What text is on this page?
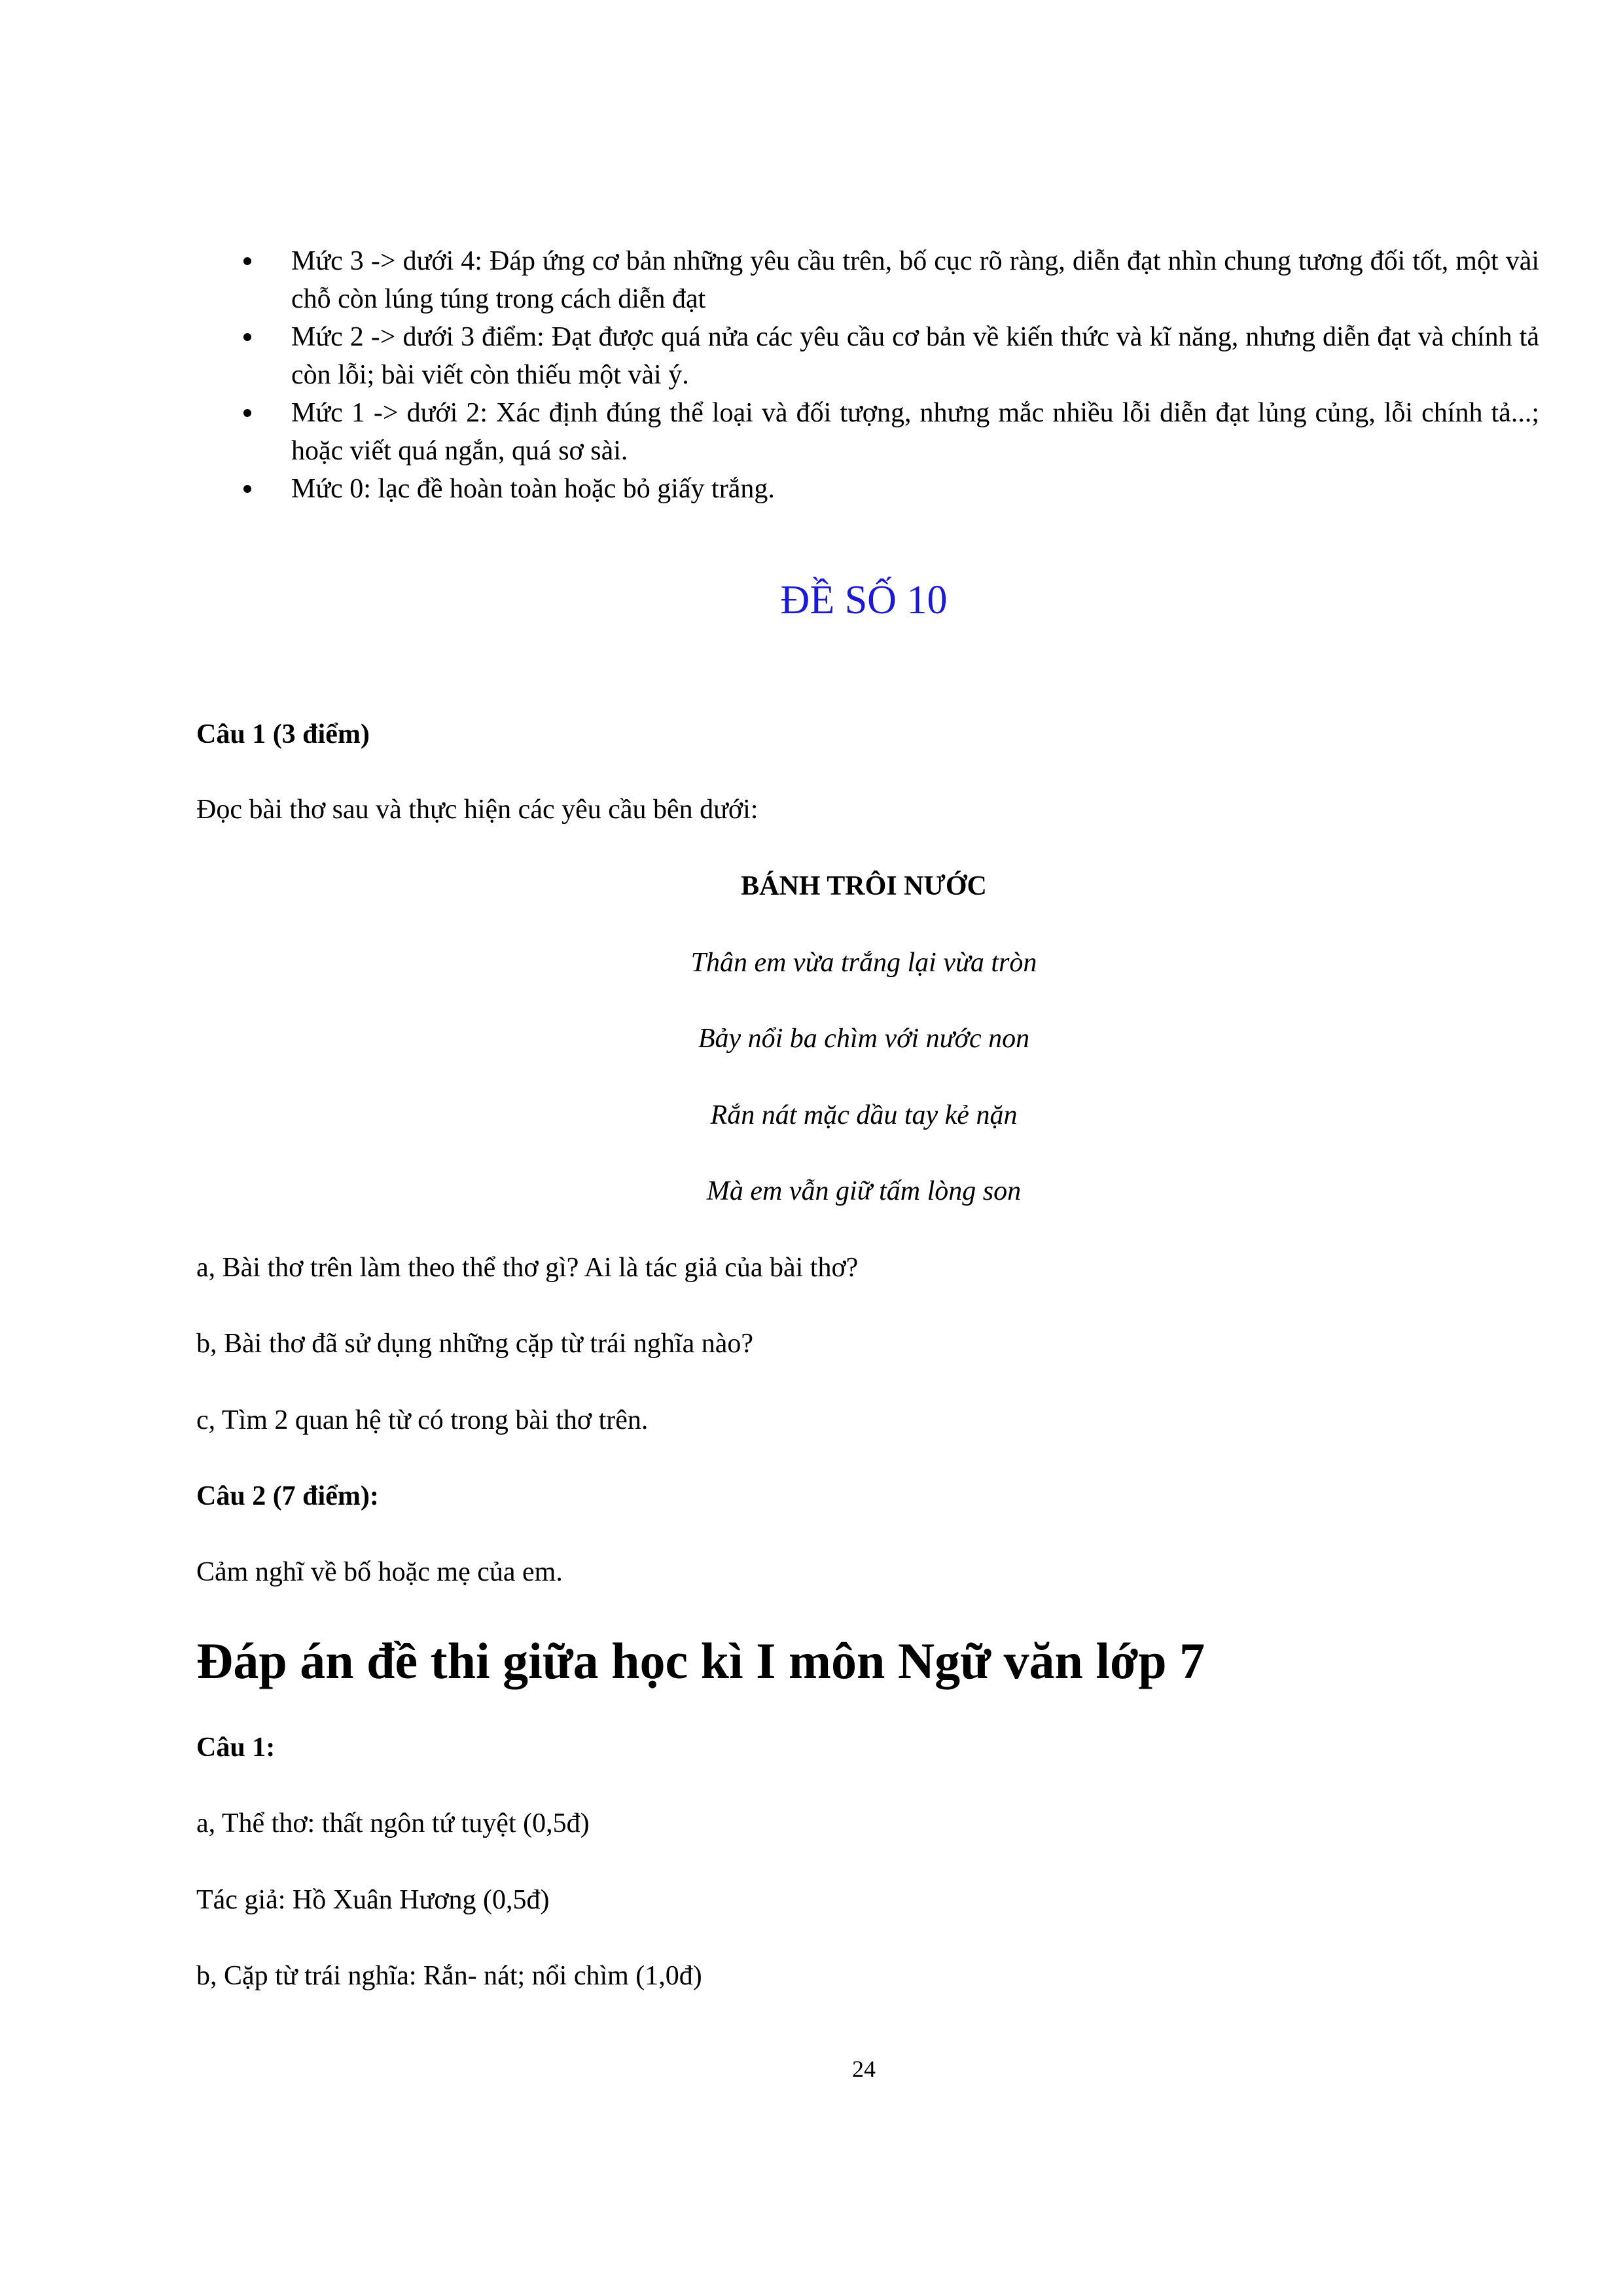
Mức 3 -> dưới 4: Đáp ứng cơ bản những yêu cầu trên, bố cục rõ ràng, diễn đạt nhìn chung tương đối tốt, một vài chỗ còn lúng túng trong cách diễn đạt
Mức 2 -> dưới 3 điểm: Đạt được quá nửa các yêu cầu cơ bản về kiến thức và kĩ năng, nhưng diễn đạt và chính tả còn lỗi; bài viết còn thiếu một vài ý.
Mức 1 -> dưới 2: Xác định đúng thể loại và đối tượng, nhưng mắc nhiều lỗi diễn đạt lủng củng, lỗi chính tả...; hoặc viết quá ngắn, quá sơ sài.
Mức 0: lạc đề hoàn toàn hoặc bỏ giấy trắng.
ĐỀ SỐ 10
Câu 1 (3 điểm)
Đọc bài thơ sau và thực hiện các yêu cầu bên dưới:
BÁNH TRÔI NƯỚC
Thân em vừa trắng lại vừa tròn
Bảy nổi ba chìm với nước non
Rắn nát mặc dầu tay kẻ nặn
Mà em vẫn giữ tấm lòng son
a, Bài thơ trên làm theo thể thơ gì? Ai là tác giả của bài thơ?
b, Bài thơ đã sử dụng những cặp từ trái nghĩa nào?
c, Tìm 2 quan hệ từ có trong bài thơ trên.
Câu 2 (7 điểm):
Cảm nghĩ về bố hoặc mẹ của em.
Đáp án đề thi giữa học kì I môn Ngữ văn lớp 7
Câu 1:
a, Thể thơ: thất ngôn tứ tuyệt (0,5đ)
Tác giả: Hồ Xuân Hương (0,5đ)
b, Cặp từ trái nghĩa: Rắn- nát; nổi chìm (1,0đ)
24
